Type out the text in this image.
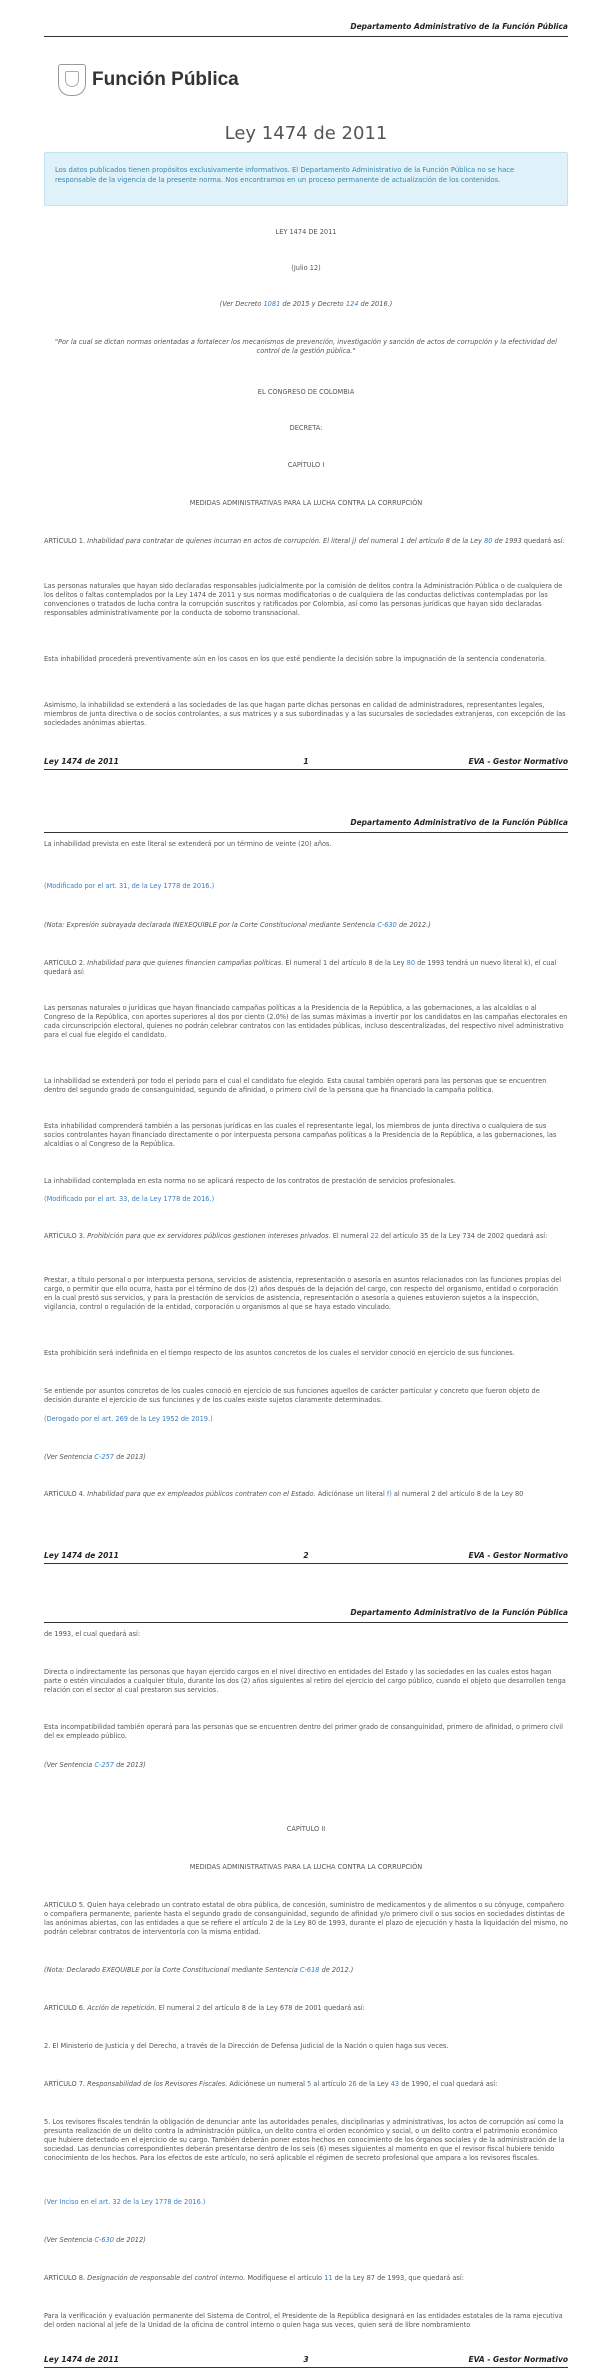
Departamento Administrativo de la Función Pública
Función Pública
Ley 1474 de 2011
Los datos publicados tienen propósitos exclusivamente informativos. El Departamento Administrativo de la Función Pública no se hace responsable de la vigencia de la presente norma. Nos encontramos en un proceso permanente de actualización de los contenidos.
Ley 1474 de 2011	1	EVA - Gestor Normativo
Departamento Administrativo de la Función Pública
Ley 1474 de 2011	2	EVA - Gestor Normativo
Departamento Administrativo de la Función Pública
Ley 1474 de 2011	3	EVA - Gestor Normativo
LEY 1474 DE 2011
(Julio 12)
(Ver Decreto 1081 de 2015 y Decreto 124 de 2016.)
"Por la cual se dictan normas orientadas a fortalecer los mecanismos de prevención, investigación y sanción de actos de corrupción y la efectividad del control de la gestión pública."
EL CONGRESO DE COLOMBIA
DECRETA:
CAPÍTULO I
MEDIDAS ADMINISTRATIVAS PARA LA LUCHA CONTRA LA CORRUPCIÓN
ARTÍCULO 1. Inhabilidad para contratar de quienes incurran en actos de corrupción. El literal j) del numeral 1 del artículo 8 de la Ley 80 de 1993 quedará así:
Las personas naturales que hayan sido declaradas responsables judicialmente por la comisión de delitos contra la Administración Pública o de cualquiera de los delitos o faltas contemplados por la Ley 1474 de 2011 y sus normas modificatorias o de cualquiera de las conductas delictivas contempladas por las convenciones o tratados de lucha contra la corrupción suscritos y ratificados por Colombia, así como las personas jurídicas que hayan sido declaradas responsables administrativamente por la conducta de soborno transnacional.
Esta inhabilidad procederá preventivamente aún en los casos en los que esté pendiente la decisión sobre la impugnación de la sentencia condenatoria.
Asimismo, la inhabilidad se extenderá a las sociedades de las que hagan parte dichas personas en calidad de administradores, representantes legales, miembros de junta directiva o de socios controlantes, a sus matrices y a sus subordinadas y a las sucursales de sociedades extranjeras, con excepción de las sociedades anónimas abiertas.
La inhabilidad prevista en este literal se extenderá por un término de veinte (20) años.
(Modificado por el art. 31, de la Ley 1778 de 2016.)
(Nota: Expresión subrayada declarada INEXEQUIBLE por la Corte Constitucional mediante Sentencia C-630 de 2012.)
ARTÍCULO 2. Inhabilidad para que quienes financien campañas políticas. El numeral 1 del artículo 8 de la Ley 80 de 1993 tendrá un nuevo literal k), el cual quedará así:
Las personas naturales o jurídicas que hayan financiado campañas políticas a la Presidencia de la República, a las gobernaciones, a las alcaldías o al Congreso de la República, con aportes superiores al dos por ciento (2.0%) de las sumas máximas a invertir por los candidatos en las campañas electorales en cada circunscripción electoral, quienes no podrán celebrar contratos con las entidades públicas, incluso descentralizadas, del respectivo nivel administrativo para el cual fue elegido el candidato.
La inhabilidad se extenderá por todo el período para el cual el candidato fue elegido. Esta causal también operará para las personas que se encuentren dentro del segundo grado de consanguinidad, segundo de afinidad, o primero civil de la persona que ha financiado la campaña política.
Esta inhabilidad comprenderá también a las personas jurídicas en las cuales el representante legal, los miembros de junta directiva o cualquiera de sus socios controlantes hayan financiado directamente o por interpuesta persona campañas políticas a la Presidencia de la República, a las gobernaciones, las alcaldías o al Congreso de la República.
La inhabilidad contemplada en esta norma no se aplicará respecto de los contratos de prestación de servicios profesionales.
(Modificado por el art. 33, de la Ley 1778 de 2016.)
ARTÍCULO 3. Prohibición para que ex servidores públicos gestionen intereses privados. El numeral 22 del artículo 35 de la Ley 734 de 2002 quedará así:
Prestar, a título personal o por interpuesta persona, servicios de asistencia, representación o asesoría en asuntos relacionados con las funciones propias del cargo, o permitir que ello ocurra, hasta por el término de dos (2) años después de la dejación del cargo, con respecto del organismo, entidad o corporación en la cual prestó sus servicios, y para la prestación de servicios de asistencia, representación o asesoría a quienes estuvieron sujetos a la inspección, vigilancia, control o regulación de la entidad, corporación u organismos al que se haya estado vinculado.
Esta prohibición será indefinida en el tiempo respecto de los asuntos concretos de los cuales el servidor conoció en ejercicio de sus funciones.
Se entiende por asuntos concretos de los cuales conoció en ejercicio de sus funciones aquellos de carácter particular y concreto que fueron objeto de decisión durante el ejercicio de sus funciones y de los cuales existe sujetos claramente determinados.
(Derogado por el art. 269 de la Ley 1952 de 2019.)
(Ver Sentencia C-257 de 2013)
ARTÍCULO 4. Inhabilidad para que ex empleados públicos contraten con el Estado. Adiciónase un literal f) al numeral 2 del artículo 8 de la Ley 80
de 1993, el cual quedará así:
Directa o indirectamente las personas que hayan ejercido cargos en el nivel directivo en entidades del Estado y las sociedades en las cuales estos hagan parte o estén vinculados a cualquier título, durante los dos (2) años siguientes al retiro del ejercicio del cargo público, cuando el objeto que desarrollen tenga relación con el sector al cual prestaron sus servicios.
Esta incompatibilidad también operará para las personas que se encuentren dentro del primer grado de consanguinidad, primero de afinidad, o primero civil del ex empleado público.
(Ver Sentencia C-257 de 2013)
CAPÍTULO II
MEDIDAS ADMINISTRATIVAS PARA LA LUCHA CONTRA LA CORRUPCIÓN
ARTÍCULO 5. Quien haya celebrado un contrato estatal de obra pública, de concesión, suministro de medicamentos y de alimentos o su cónyuge, compañero o compañera permanente, pariente hasta el segundo grado de consanguinidad, segundo de afinidad y/o primero civil o sus socios en sociedades distintas de las anónimas abiertas, con las entidades a que se refiere el artículo 2 de la Ley 80 de 1993, durante el plazo de ejecución y hasta la liquidación del mismo, no podrán celebrar contratos de interventoría con la misma entidad.
(Nota: Declarado EXEQUIBLE por la Corte Constitucional mediante Sentencia C-618 de 2012.)
ARTÍCULO 6. Acción de repetición. El numeral 2 del artículo 8 de la Ley 678 de 2001 quedará así:
2. El Ministerio de Justicia y del Derecho, a través de la Dirección de Defensa Judicial de la Nación o quien haga sus veces.
ARTÍCULO 7. Responsabilidad de los Revisores Fiscales. Adiciónese un numeral 5 al artículo 26 de la Ley 43 de 1990, el cual quedará así:
5. Los revisores fiscales tendrán la obligación de denunciar ante las autoridades penales, disciplinarias y administrativas, los actos de corrupción así como la presunta realización de un delito contra la administración pública, un delito contra el orden económico y social, o un delito contra el patrimonio económico que hubiere detectado en el ejercicio de su cargo. También deberán poner estos hechos en conocimiento de los órganos sociales y de la administración de la sociedad. Las denuncias correspondientes deberán presentarse dentro de los seis (6) meses siguientes al momento en que el revisor fiscal hubiere tenido conocimiento de los hechos. Para los efectos de este artículo, no será aplicable el régimen de secreto profesional que ampara a los revisores fiscales.
(Ver Inciso en el art. 32 de la Ley 1778 de 2016.)
(Ver Sentencia C-630 de 2012)
ARTÍCULO 8. Designación de responsable del control interno. Modifíquese el artículo 11 de la Ley 87 de 1993, que quedará así:
Para la verificación y evaluación permanente del Sistema de Control, el Presidente de la República designará en las entidades estatales de la rama ejecutiva del orden nacional al jefe de la Unidad de la oficina de control interno o quien haga sus veces, quien será de libre nombramiento
